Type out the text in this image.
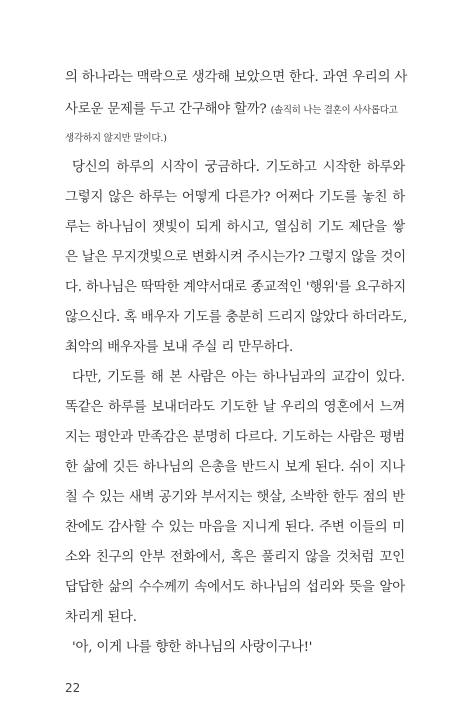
의 하나라는 맥락으로 생각해 보았으면 한다. 과연 우리의 사
사로운 문제를 두고 간구해야 할까? (솔직히 나는 결혼이 사사롭다고
생각하지 않지만 말이다.)
당신의 하루의 시작이 궁금하다. 기도하고 시작한 하루와
그렇지 않은 하루는 어떻게 다른가? 어쩌다 기도를 놓친 하
루는 하나님이 잿빛이 되게 하시고, 열심히 기도 제단을 쌓
은 날은 무지갯빛으로 변화시켜 주시는가? 그렇지 않을 것이
다. 하나님은 딱딱한 계약서대로 종교적인 '행위'를 요구하지
않으신다. 혹 배우자 기도를 충분히 드리지 않았다 하더라도,
최악의 배우자를 보내 주실 리 만무하다.
다만, 기도를 해 본 사람은 아는 하나님과의 교감이 있다.
똑같은 하루를 보내더라도 기도한 날 우리의 영혼에서 느껴
지는 평안과 만족감은 분명히 다르다. 기도하는 사람은 평범
한 삶에 깃든 하나님의 은총을 반드시 보게 된다. 쉬이 지나
칠 수 있는 새벽 공기와 부서지는 햇살, 소박한 한두 점의 반
찬에도 감사할 수 있는 마음을 지니게 된다. 주변 이들의 미
소와 친구의 안부 전화에서, 혹은 풀리지 않을 것처럼 꼬인
답답한 삶의 수수께끼 속에서도 하나님의 섭리와 뜻을 알아
차리게 된다.
'아, 이게 나를 향한 하나님의 사랑이구나!'
22
